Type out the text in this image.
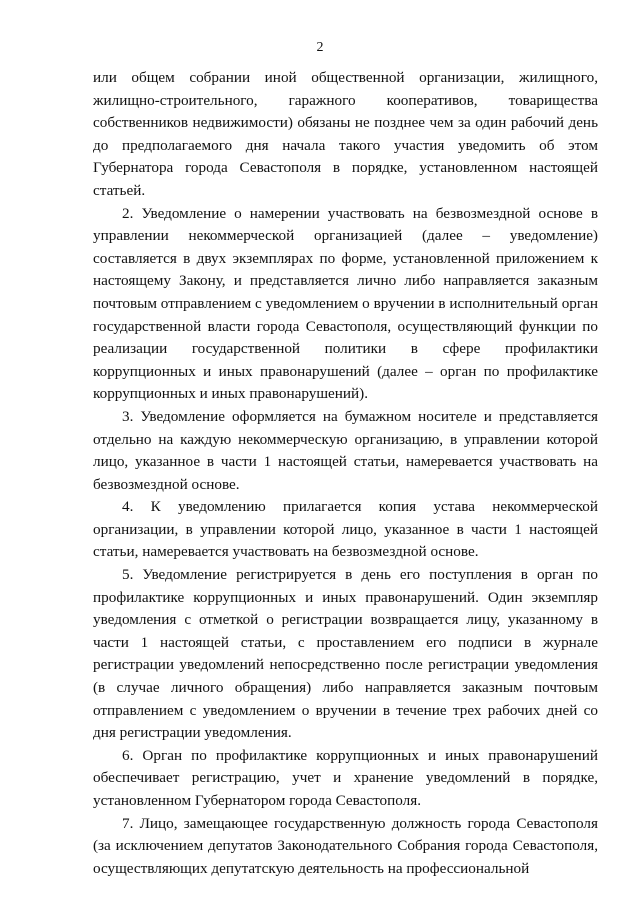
2

или общем собрании иной общественной организации, жилищного, жилищно-строительного, гаражного кооперативов, товарищества собственников недвижимости) обязаны не позднее чем за один рабочий день до предполагаемого дня начала такого участия уведомить об этом Губернатора города Севастополя в порядке, установленном настоящей статьей.

2. Уведомление о намерении участвовать на безвозмездной основе в управлении некоммерческой организацией (далее – уведомление) составляется в двух экземплярах по форме, установленной приложением к настоящему Закону, и представляется лично либо направляется заказным почтовым отправлением с уведомлением о вручении в исполнительный орган государственной власти города Севастополя, осуществляющий функции по реализации государственной политики в сфере профилактики коррупционных и иных правонарушений (далее – орган по профилактике коррупционных и иных правонарушений).

3. Уведомление оформляется на бумажном носителе и представляется отдельно на каждую некоммерческую организацию, в управлении которой лицо, указанное в части 1 настоящей статьи, намеревается участвовать на безвозмездной основе.

4. К уведомлению прилагается копия устава некоммерческой организации, в управлении которой лицо, указанное в части 1 настоящей статьи, намеревается участвовать на безвозмездной основе.

5. Уведомление регистрируется в день его поступления в орган по профилактике коррупционных и иных правонарушений. Один экземпляр уведомления с отметкой о регистрации возвращается лицу, указанному в части 1 настоящей статьи, с проставлением его подписи в журнале регистрации уведомлений непосредственно после регистрации уведомления (в случае личного обращения) либо направляется заказным почтовым отправлением с уведомлением о вручении в течение трех рабочих дней со дня регистрации уведомления.

6. Орган по профилактике коррупционных и иных правонарушений обеспечивает регистрацию, учет и хранение уведомлений в порядке, установленном Губернатором города Севастополя.

7. Лицо, замещающее государственную должность города Севастополя (за исключением депутатов Законодательного Собрания города Севастополя, осуществляющих депутатскую деятельность на профессиональной
